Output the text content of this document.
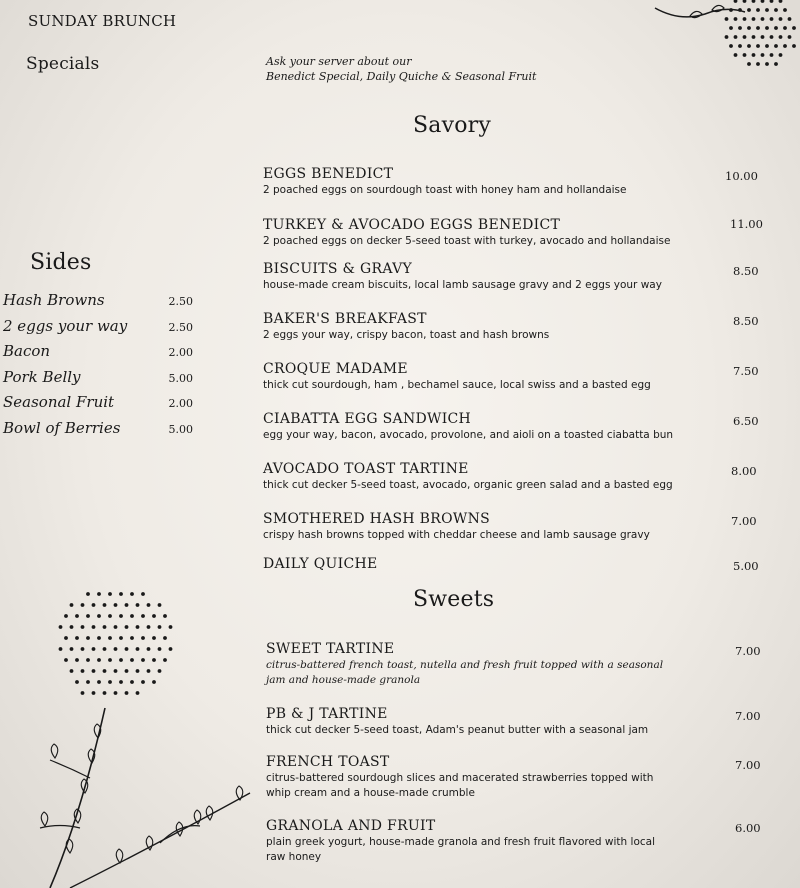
SUNDAY BRUNCH
Specials	Ask your server about our
Benedict Special, Daily Quiche & Seasonal Fruit
Savory
Sides
Sweets
Hash Browns	2.50
2 eggs your way	2.50
Bacon	2.00
Pork Belly	5.00
Seasonal Fruit	2.00
Bowl of Berries	5.00
EGGS BENEDICT
2 poached eggs on sourdough toast with honey ham and hollandaise
10.00
TURKEY & AVOCADO EGGS BENEDICT
2 poached eggs on decker 5-seed toast with turkey, avocado and hollandaise
11.00
BISCUITS & GRAVY
house-made cream biscuits, local lamb sausage gravy and 2 eggs your way
8.50
BAKER'S BREAKFAST
2 eggs your way, crispy bacon, toast and hash browns
8.50
CROQUE MADAME
thick cut sourdough, ham , bechamel sauce, local swiss and a basted egg
7.50
CIABATTA EGG SANDWICH
egg your way, bacon, avocado, provolone, and aioli on a toasted ciabatta bun
6.50
AVOCADO TOAST TARTINE
thick cut decker 5-seed toast, avocado, organic green salad and a basted egg
8.00
SMOTHERED HASH BROWNS
crispy hash browns topped with cheddar cheese and lamb sausage gravy
7.00
DAILY QUICHE	5.00
SWEET TARTINE
citrus-battered french toast, nutella and fresh fruit topped with a seasonal
jam and house-made granola
7.00
PB & J TARTINE
thick cut decker 5-seed toast, Adam's peanut butter with a seasonal jam
7.00
FRENCH TOAST
citrus-battered sourdough slices and macerated strawberries topped with
whip cream and a house-made crumble
7.00
GRANOLA AND FRUIT
plain greek yogurt, house-made granola and fresh fruit flavored with local
raw honey
6.00
